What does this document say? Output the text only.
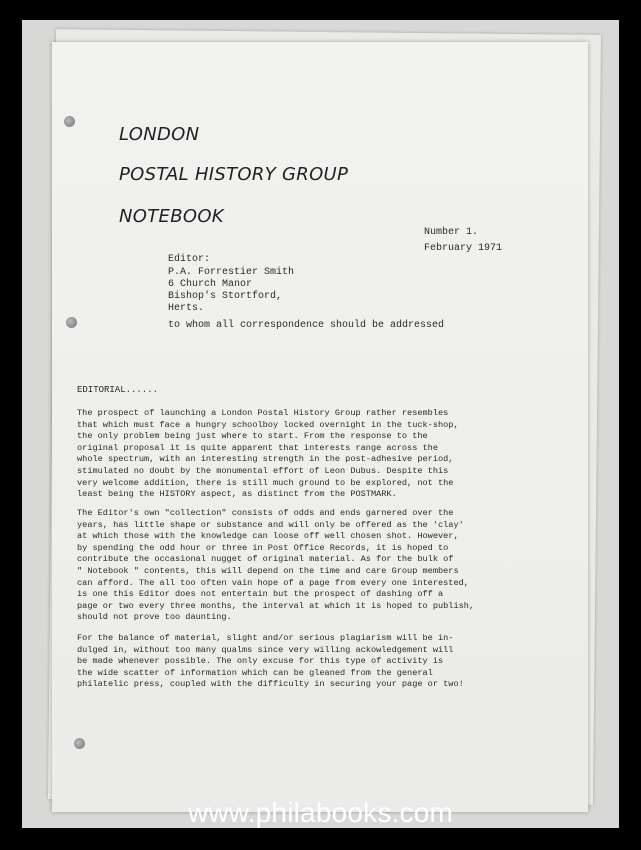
LONDON
POSTAL HISTORY GROUP
NOTEBOOK
Number 1.
February 1971
Editor:
P.A. Forrestier Smith
6 Church Manor
Bishop's Stortford,
Herts.
to whom all correspondence should be addressed
EDITORIAL......
The prospect of launching a London Postal History Group rather resembles
that which must face a hungry schoolboy locked overnight in the tuck-shop,
the only problem being just where to start. From the response to the
original proposal it is quite apparent that interests range across the
whole spectrum, with an interesting strength in the post-adhesive period,
stimulated no doubt by the monumental effort of Leon Dubus. Despite this
very welcome addition, there is still much ground to be explored, not the
least being the HISTORY aspect, as distinct from the POSTMARK.
The Editor's own "collection" consists of odds and ends garnered over the
years, has little shape or substance and will only be offered as the 'clay'
at which those with the knowledge can loose off well chosen shot. However,
by spending the odd hour or three in Post Office Records, it is hoped to
contribute the occasional nugget of original material. As for the bulk of
" Notebook " contents, this will depend on the time and care Group members
can afford. The all too often vain hope of a page from every one interested,
is one this Editor does not entertain but the prospect of dashing off a
page or two every three months, the interval at which it is hoped to publish,
should not prove too daunting.
For the balance of material, slight and/or serious plagiarism will be in-
dulged in, without too many qualms since very willing ackowledgement will
be made whenever possible. The only excuse for this type of activity is
the wide scatter of information which can be gleaned from the general
philatelic press, coupled with the difficulty in securing your page or two!
www.philabooks.com
